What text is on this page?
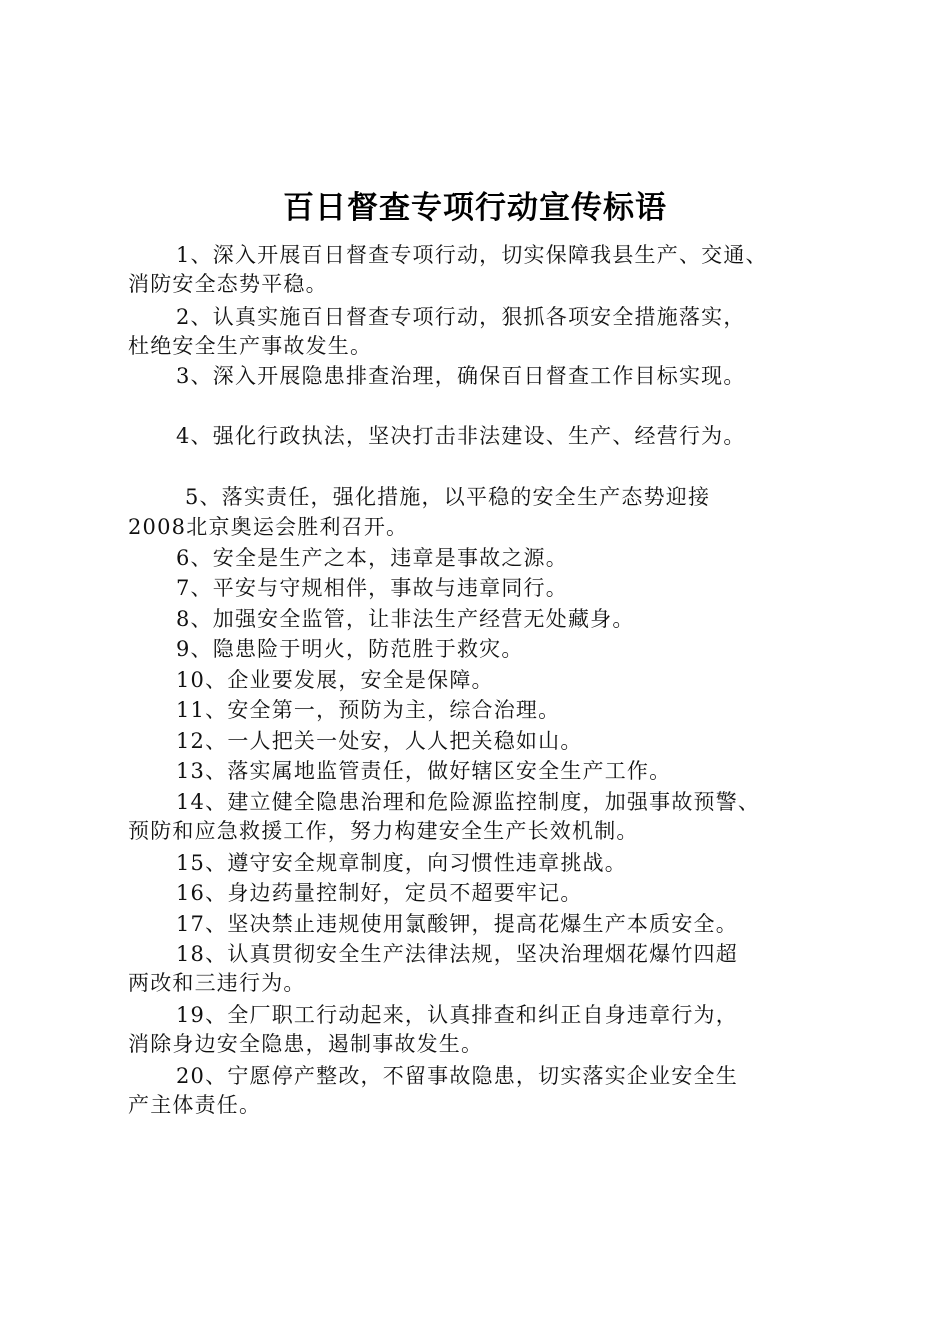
百日督查专项行动宣传标语
1、深入开展百日督查专项行动，切实保障我县生产、交通、
消防安全态势平稳。
2、认真实施百日督查专项行动，狠抓各项安全措施落实，
杜绝安全生产事故发生。
3、深入开展隐患排查治理，确保百日督查工作目标实现。
4、强化行政执法，坚决打击非法建设、生产、经营行为。
5、落实责任，强化措施，以平稳的安全生产态势迎接
2008北京奥运会胜利召开。
6、安全是生产之本，违章是事故之源。
7、平安与守规相伴，事故与违章同行。
8、加强安全监管，让非法生产经营无处藏身。
9、隐患险于明火，防范胜于救灾。
10、企业要发展，安全是保障。
11、安全第一，预防为主，综合治理。
12、一人把关一处安，人人把关稳如山。
13、落实属地监管责任，做好辖区安全生产工作。
14、建立健全隐患治理和危险源监控制度，加强事故预警、
预防和应急救援工作，努力构建安全生产长效机制。
15、遵守安全规章制度，向习惯性违章挑战。
16、身边药量控制好，定员不超要牢记。
17、坚决禁止违规使用氯酸钾，提高花爆生产本质安全。
18、认真贯彻安全生产法律法规，坚决治理烟花爆竹四超
两改和三违行为。
19、全厂职工行动起来，认真排查和纠正自身违章行为，
消除身边安全隐患，遏制事故发生。
20、宁愿停产整改，不留事故隐患，切实落实企业安全生
产主体责任。
